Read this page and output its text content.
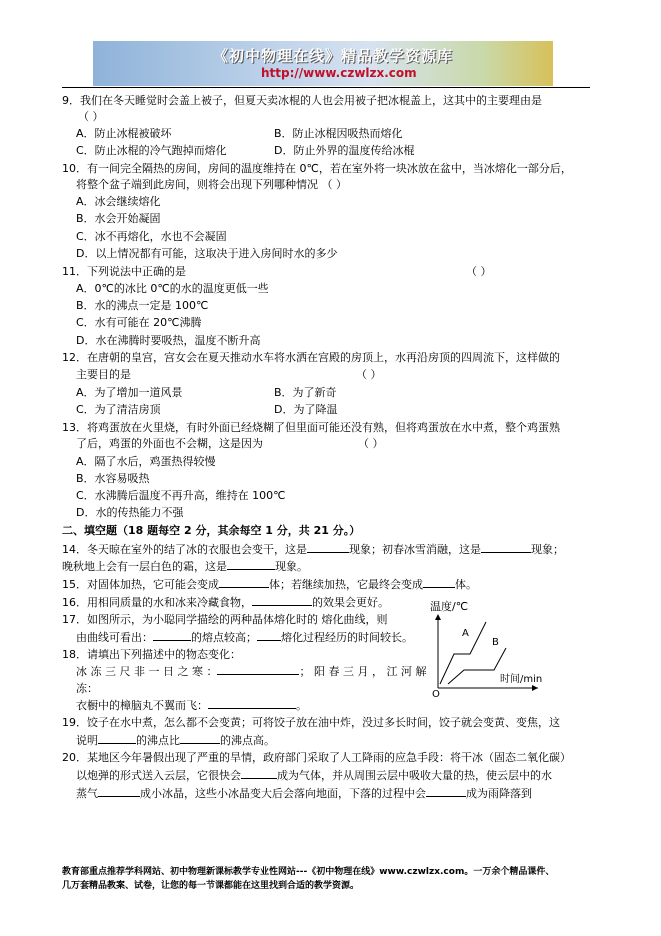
《初中物理在线》精品教学资源库
http://www.czwlzx.com
9．我们在冬天睡觉时会盖上被子，但夏天卖冰棍的人也会用被子把冰棍盖上，这其中的主要理由是
（ ）
A．防止冰棍被破坏	B．防止冰棍因吸热而熔化
C．防止冰棍的冷气跑掉而熔化	D．防止外界的温度传给冰棍
10．有一间完全隔热的房间，房间的温度维持在 0℃，若在室外将一块冰放在盆中，当冰熔化一部分后，
将整个盆子端到此房间，则将会出现下列哪种情况 （ ）
A．冰会继续熔化
B．水会开始凝固
C．冰不再熔化，水也不会凝固
D．以上情况都有可能，这取决于进入房间时水的多少
11．下列说法中正确的是	（ ）
A．0℃的冰比 0℃的水的温度更低一些
B．水的沸点一定是 100℃
C．水有可能在 20℃沸腾
D．水在沸腾时要吸热，温度不断升高
12．在唐朝的皇宫，宫女会在夏天推动水车将水洒在宫殿的房顶上，水再沿房顶的四周流下，这样做的
主要目的是	（ ）
A．为了增加一道风景	B．为了新奇
C．为了清洁房顶	D．为了降温
13．将鸡蛋放在火里烧，有时外面已经烧糊了但里面可能还没有熟，但将鸡蛋放在水中煮，整个鸡蛋熟
了后，鸡蛋的外面也不会糊，这是因为	（ ）
A．隔了水后，鸡蛋热得较慢
B．水容易吸热
C．水沸腾后温度不再升高，维持在 100℃
D．水的传热能力不强
二、填空题（18 题每空 2 分，其余每空 1 分，共 21 分。）
14．冬天晾在室外的结了冰的衣服也会变干，这是	现象；初春冰雪消融，这是	现象；
晚秋地上会有一层白色的霜，这是	现象。
15．对固体加热，它可能会变成	体；若继续加热，它最终会变成	体。
16．用相同质量的水和冰来冷藏食物，	的效果会更好。
17．如图所示，为小聪同学描绘的两种晶体熔化时的 熔化曲线，则
由曲线可看出：	的熔点较高； 熔化过程经历的时间较长。
18．请填出下列描述中的物态变化：
冰 冻 三 尺 非 一 日 之 寒 ：	； 阳 春 三 月 ， 江 河 解
冻：
衣橱中的樟脑丸不翼而飞：	。
温度/℃
A
B
时间/min
O
19．饺子在水中煮，怎么都不会变黄；可将饺子放在油中炸，没过多长时间，饺子就会变黄、变焦，这
说明	的沸点比	的沸点高。
20．某地区今年暑假出现了严重的旱情，政府部门采取了人工降雨的应急手段：将干冰（固态二氧化碳）
以炮弹的形式送入云层，它很快会	成为气体，并从周围云层中吸收大量的热，使云层中的水
蒸气	成小冰晶，这些小冰晶变大后会落向地面，下落的过程中会	成为雨降落到
教育部重点推荐学科网站、初中物理新课标教学专业性网站---《初中物理在线》www.czwlzx.com。一万余个精品课件、
几万套精品教案、试卷，让您的每一节课都能在这里找到合适的教学资源。
